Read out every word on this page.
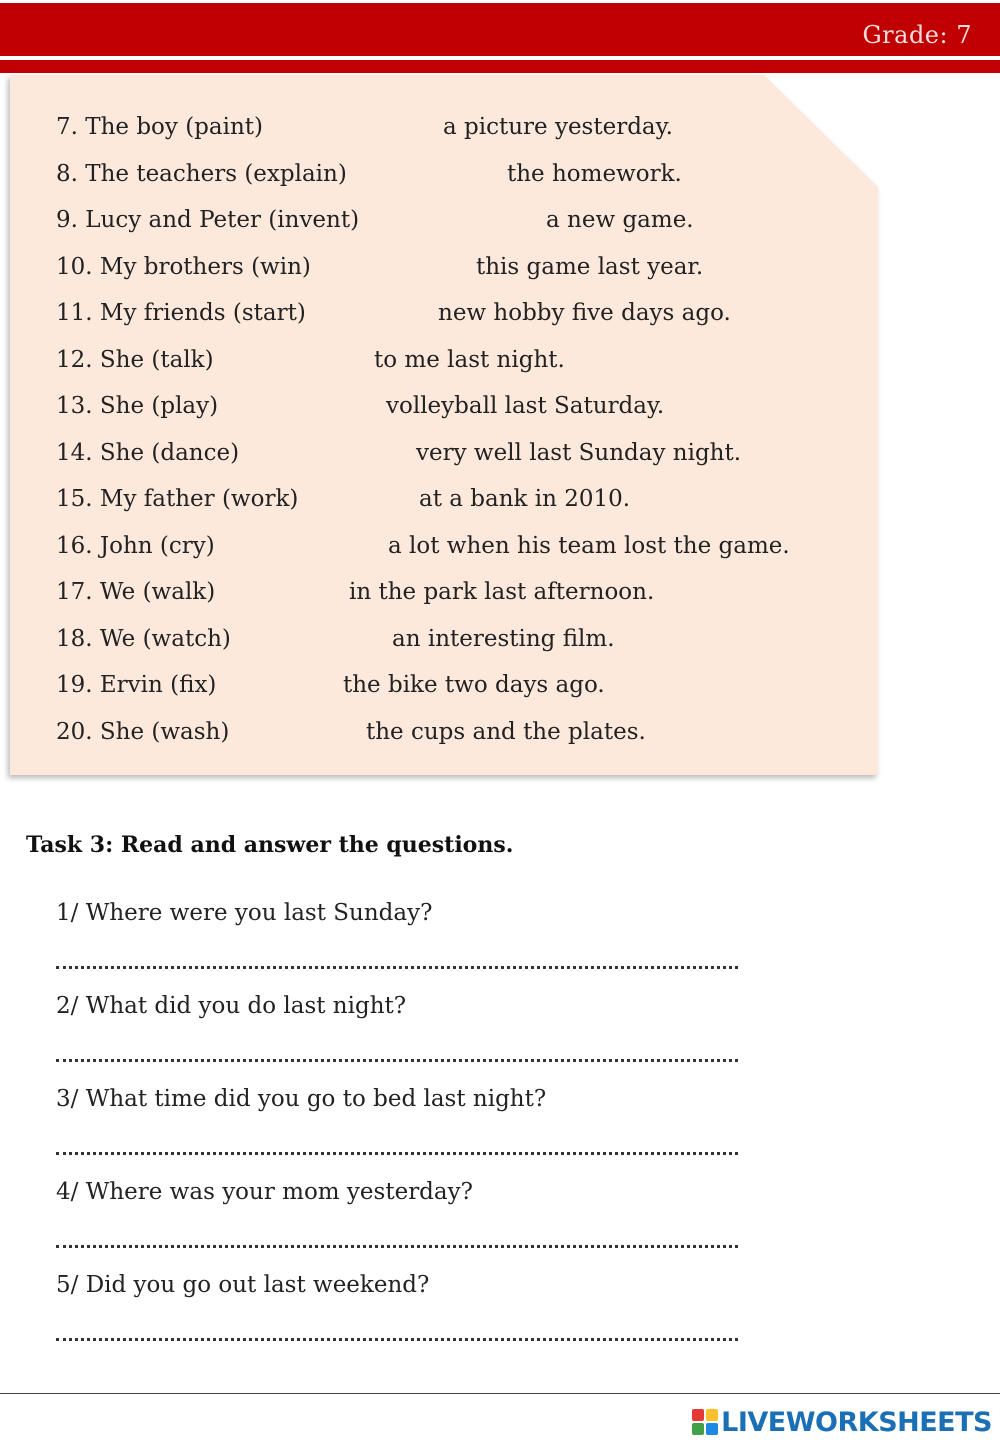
Grade: 7
7. The boy (paint)	a picture yesterday.
8. The teachers (explain)	the homework.
9. Lucy and Peter (invent)	a new game.
10. My brothers (win)	this game last year.
11. My friends (start)	new hobby five days ago.
12. She (talk)	to me last night.
13. She (play)	volleyball last Saturday.
14. She (dance)	very well last Sunday night.
15. My father (work)	at a bank in 2010.
16. John (cry)	a lot when his team lost the game.
17. We (walk)	in the park last afternoon.
18. We (watch)	an interesting film.
19. Ervin (fix)	the bike two days ago.
20. She (wash)	the cups and the plates.
Task 3: Read and answer the questions.
1/ Where were you last Sunday?
2/ What did you do last night?
3/ What time did you go to bed last night?
4/ Where was your mom yesterday?
5/ Did you go out last weekend?
LIVEWORKSHEETS
